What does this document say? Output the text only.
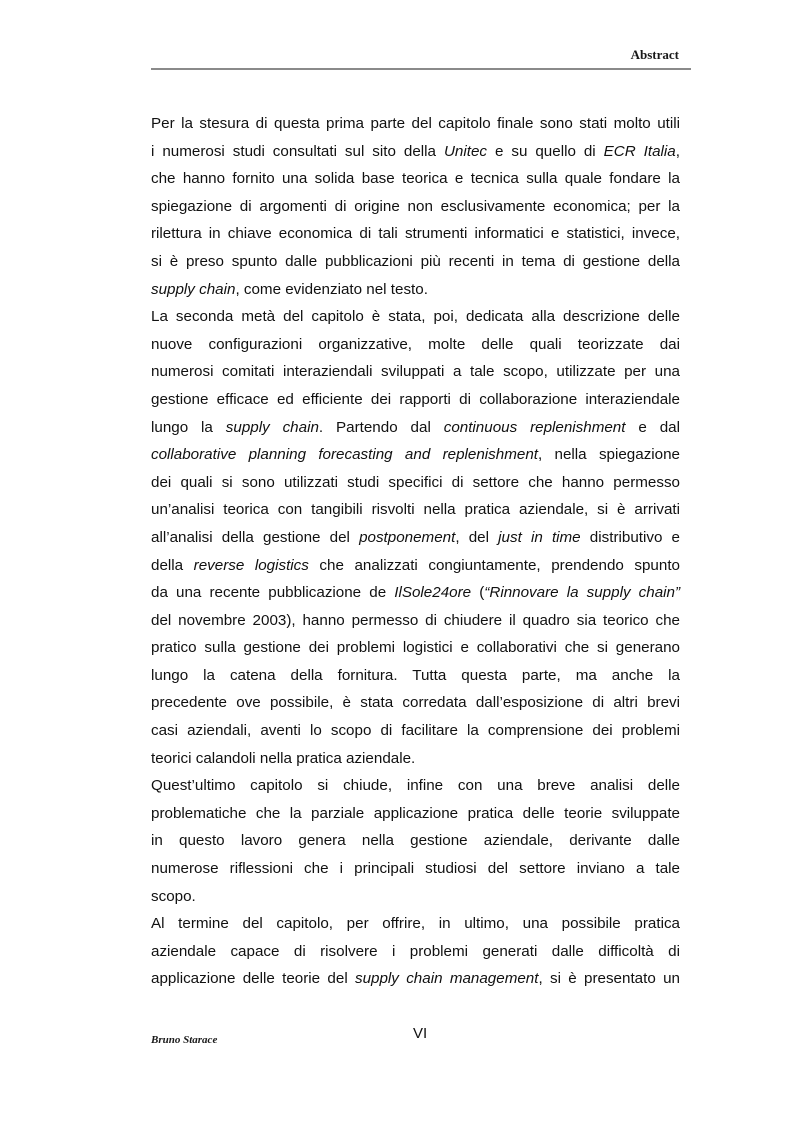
Abstract
Per la stesura di questa prima parte del capitolo finale sono stati molto utili
i numerosi studi consultati sul sito della Unitec e su quello di ECR Italia,
che hanno fornito una solida base teorica e tecnica sulla quale fondare la
spiegazione di argomenti di origine non esclusivamente economica; per la
rilettura in chiave economica di tali strumenti informatici e statistici, invece,
si è preso spunto dalle pubblicazioni più recenti in tema di gestione della
supply chain, come evidenziato nel testo.
La seconda metà del capitolo è stata, poi, dedicata alla descrizione delle
nuove configurazioni organizzative, molte delle quali teorizzate dai
numerosi comitati interaziendali sviluppati a tale scopo, utilizzate per una
gestione efficace ed efficiente dei rapporti di collaborazione interaziendale
lungo la supply chain. Partendo dal continuous replenishment e dal
collaborative planning forecasting and replenishment, nella spiegazione
dei quali si sono utilizzati studi specifici di settore che hanno permesso
un’analisi teorica con tangibili risvolti nella pratica aziendale, si è arrivati
all’analisi della gestione del postponement, del just in time distributivo e
della reverse logistics che analizzati congiuntamente, prendendo spunto
da una recente pubblicazione de IlSole24ore (“Rinnovare la supply chain”
del novembre 2003), hanno permesso di chiudere il quadro sia teorico che
pratico sulla gestione dei problemi logistici e collaborativi che si generano
lungo la catena della fornitura. Tutta questa parte, ma anche la
precedente ove possibile, è stata corredata dall’esposizione di altri brevi
casi aziendali, aventi lo scopo di facilitare la comprensione dei problemi
teorici calandoli nella pratica aziendale.
Quest’ultimo capitolo si chiude, infine con una breve analisi delle
problematiche che la parziale applicazione pratica delle teorie sviluppate
in questo lavoro genera nella gestione aziendale, derivante dalle
numerose riflessioni che i principali studiosi del settore inviano a tale
scopo.
Al termine del capitolo, per offrire, in ultimo, una possibile pratica
aziendale capace di risolvere i problemi generati dalle difficoltà di
applicazione delle teorie del supply chain management, si è presentato un
VI
Bruno Starace
